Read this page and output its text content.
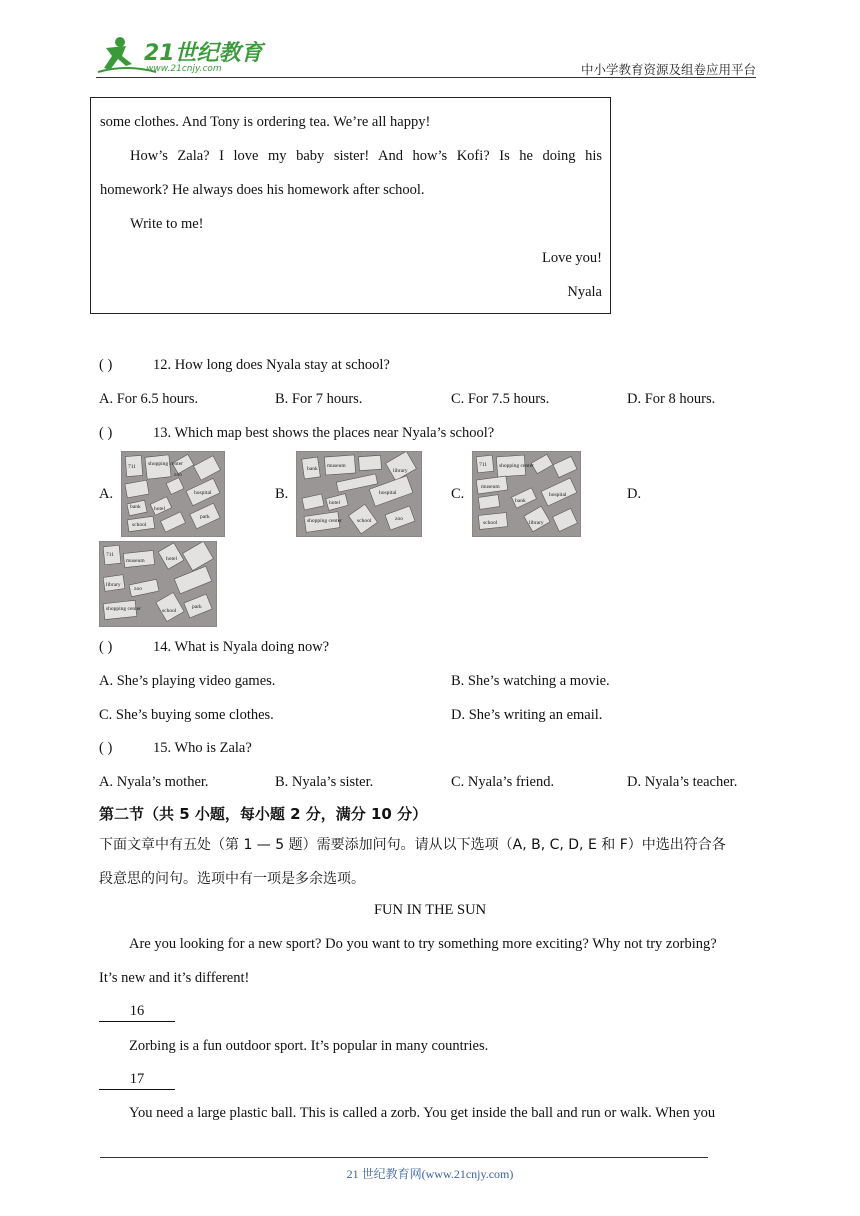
21世纪教育
www.21cnjy.com	中小学教育资源及组卷应用平台
some clothes. And Tony is ordering tea. We’re all happy!
How’s Zala? I love my baby sister! And how’s Kofi? Is he doing his
homework? He always does his homework after school.
Write to me!
Love you!
Nyala
( )	12. How long does Nyala stay at school?
A. For 6.5 hours.	B. For 7 hours.	C. For 7.5 hours.	D. For 8 hours.
( )	13. Which map best shows the places near Nyala’s school?
A.	B.	C.	D.
711 shopping center
zoo
hospital
bank hotel
school
park
bank museum
library
hospital
hotel
shopping center	school	zoo
711 shopping center
hospital
museum
bank
school	library
711
museum	hotel
library
zoo
shopping center	school
park
( )	14. What is Nyala doing now?
A. She’s playing video games.	B. She’s watching a movie.
C. She’s buying some clothes.	D. She’s writing an email.
( )	15. Who is Zala?
A. Nyala’s mother.	B. Nyala’s sister.	C. Nyala’s friend.	D. Nyala’s teacher.
第二节（共 5 小题，每小题 2 分，满分 10 分）
下面文章中有五处（第 1 — 5 题）需要添加问句。请从以下选项（A, B, C, D, E 和 F）中选出符合各
段意思的问句。选项中有一项是多余选项。
FUN IN THE SUN
Are you looking for a new sport? Do you want to try something more exciting? Why not try zorbing?
It’s new and it’s different!
16
Zorbing is a fun outdoor sport. It’s popular in many countries.
17
You need a large plastic ball. This is called a zorb. You get inside the ball and run or walk. When you
21 世纪教育网(www.21cnjy.com)
